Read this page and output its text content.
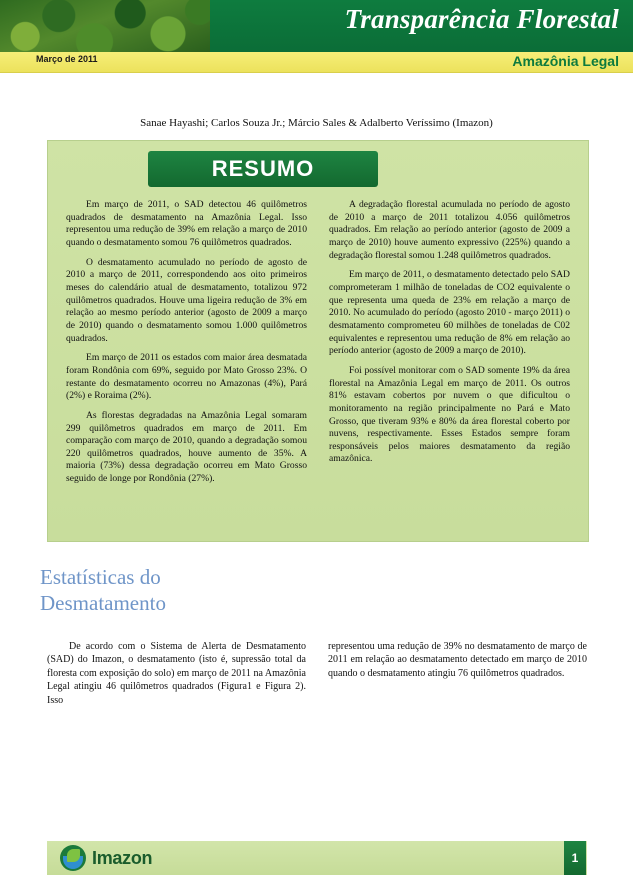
Transparência Florestal
Março de 2011	Amazônia Legal
Sanae Hayashi; Carlos Souza Jr.; Márcio Sales & Adalberto Veríssimo (Imazon)
RESUMO

Em março de 2011, o SAD detectou 46 quilômetros quadrados de desmatamento na Amazônia Legal. Isso representou uma redução de 39% em relação a março de 2010 quando o desmatamento somou 76 quilômetros quadrados.

O desmatamento acumulado no período de agosto de 2010 a março de 2011, correspondendo aos oito primeiros meses do calendário atual de desmatamento, totalizou 972 quilômetros quadrados. Houve uma ligeira redução de 3% em relação ao mesmo período anterior (agosto de 2009 a março de 2010) quando o desmatamento somou 1.000 quilômetros quadrados.

Em março de 2011 os estados com maior área desmatada foram Rondônia com 69%, seguido por Mato Grosso 23%. O restante do desmatamento ocorreu no Amazonas (4%), Pará (2%) e Roraima (2%).

As florestas degradadas na Amazônia Legal somaram 299 quilômetros quadrados em março de 2011. Em comparação com março de 2010, quando a degradação somou 220 quilômetros quadrados, houve aumento de 35%. A maioria (73%) dessa degradação ocorreu em Mato Grosso seguido de longe por Rondônia (27%).

A degradação florestal acumulada no período de agosto de 2010 a março de 2011 totalizou 4.056 quilômetros quadrados. Em relação ao período anterior (agosto de 2009 a março de 2010) houve aumento expressivo (225%) quando a degradação florestal somou 1.248 quilômetros quadrados.

Em março de 2011, o desmatamento detectado pelo SAD comprometeram 1 milhão de toneladas de CO2 equivalente o que representa uma queda de 23% em relação a março de 2010. No acumulado do período (agosto 2010 - março 2011) o desmatamento comprometeu 60 milhões de toneladas de C02 equivalentes e representou uma redução de 8% em relação ao período anterior (agosto de 2009 a março de 2010).

Foi possível monitorar com o SAD somente 19% da área florestal na Amazônia Legal em março de 2011. Os outros 81% estavam cobertos por nuvem o que dificultou o monitoramento na região principalmente no Pará e Mato Grosso, que tiveram 93% e 80% da área florestal coberto por nuvens, respectivamente. Esses Estados sempre foram responsáveis pelos maiores desmatamento da região amazônica.

Estatísticas do
Desmatamento

De acordo com o Sistema de Alerta de Desmatamento (SAD) do Imazon, o desmatamento (isto é, supressão total da floresta com exposição do solo) em março de 2011 na Amazônia Legal atingiu 46 quilômetros quadrados (Figura1 e Figura 2). Isso

representou uma redução de 39% no desmatamento de março de 2011 em relação ao desmatamento detectado em março de 2010 quando o desmatamento atingiu 76 quilômetros quadrados.

Imazon	1
